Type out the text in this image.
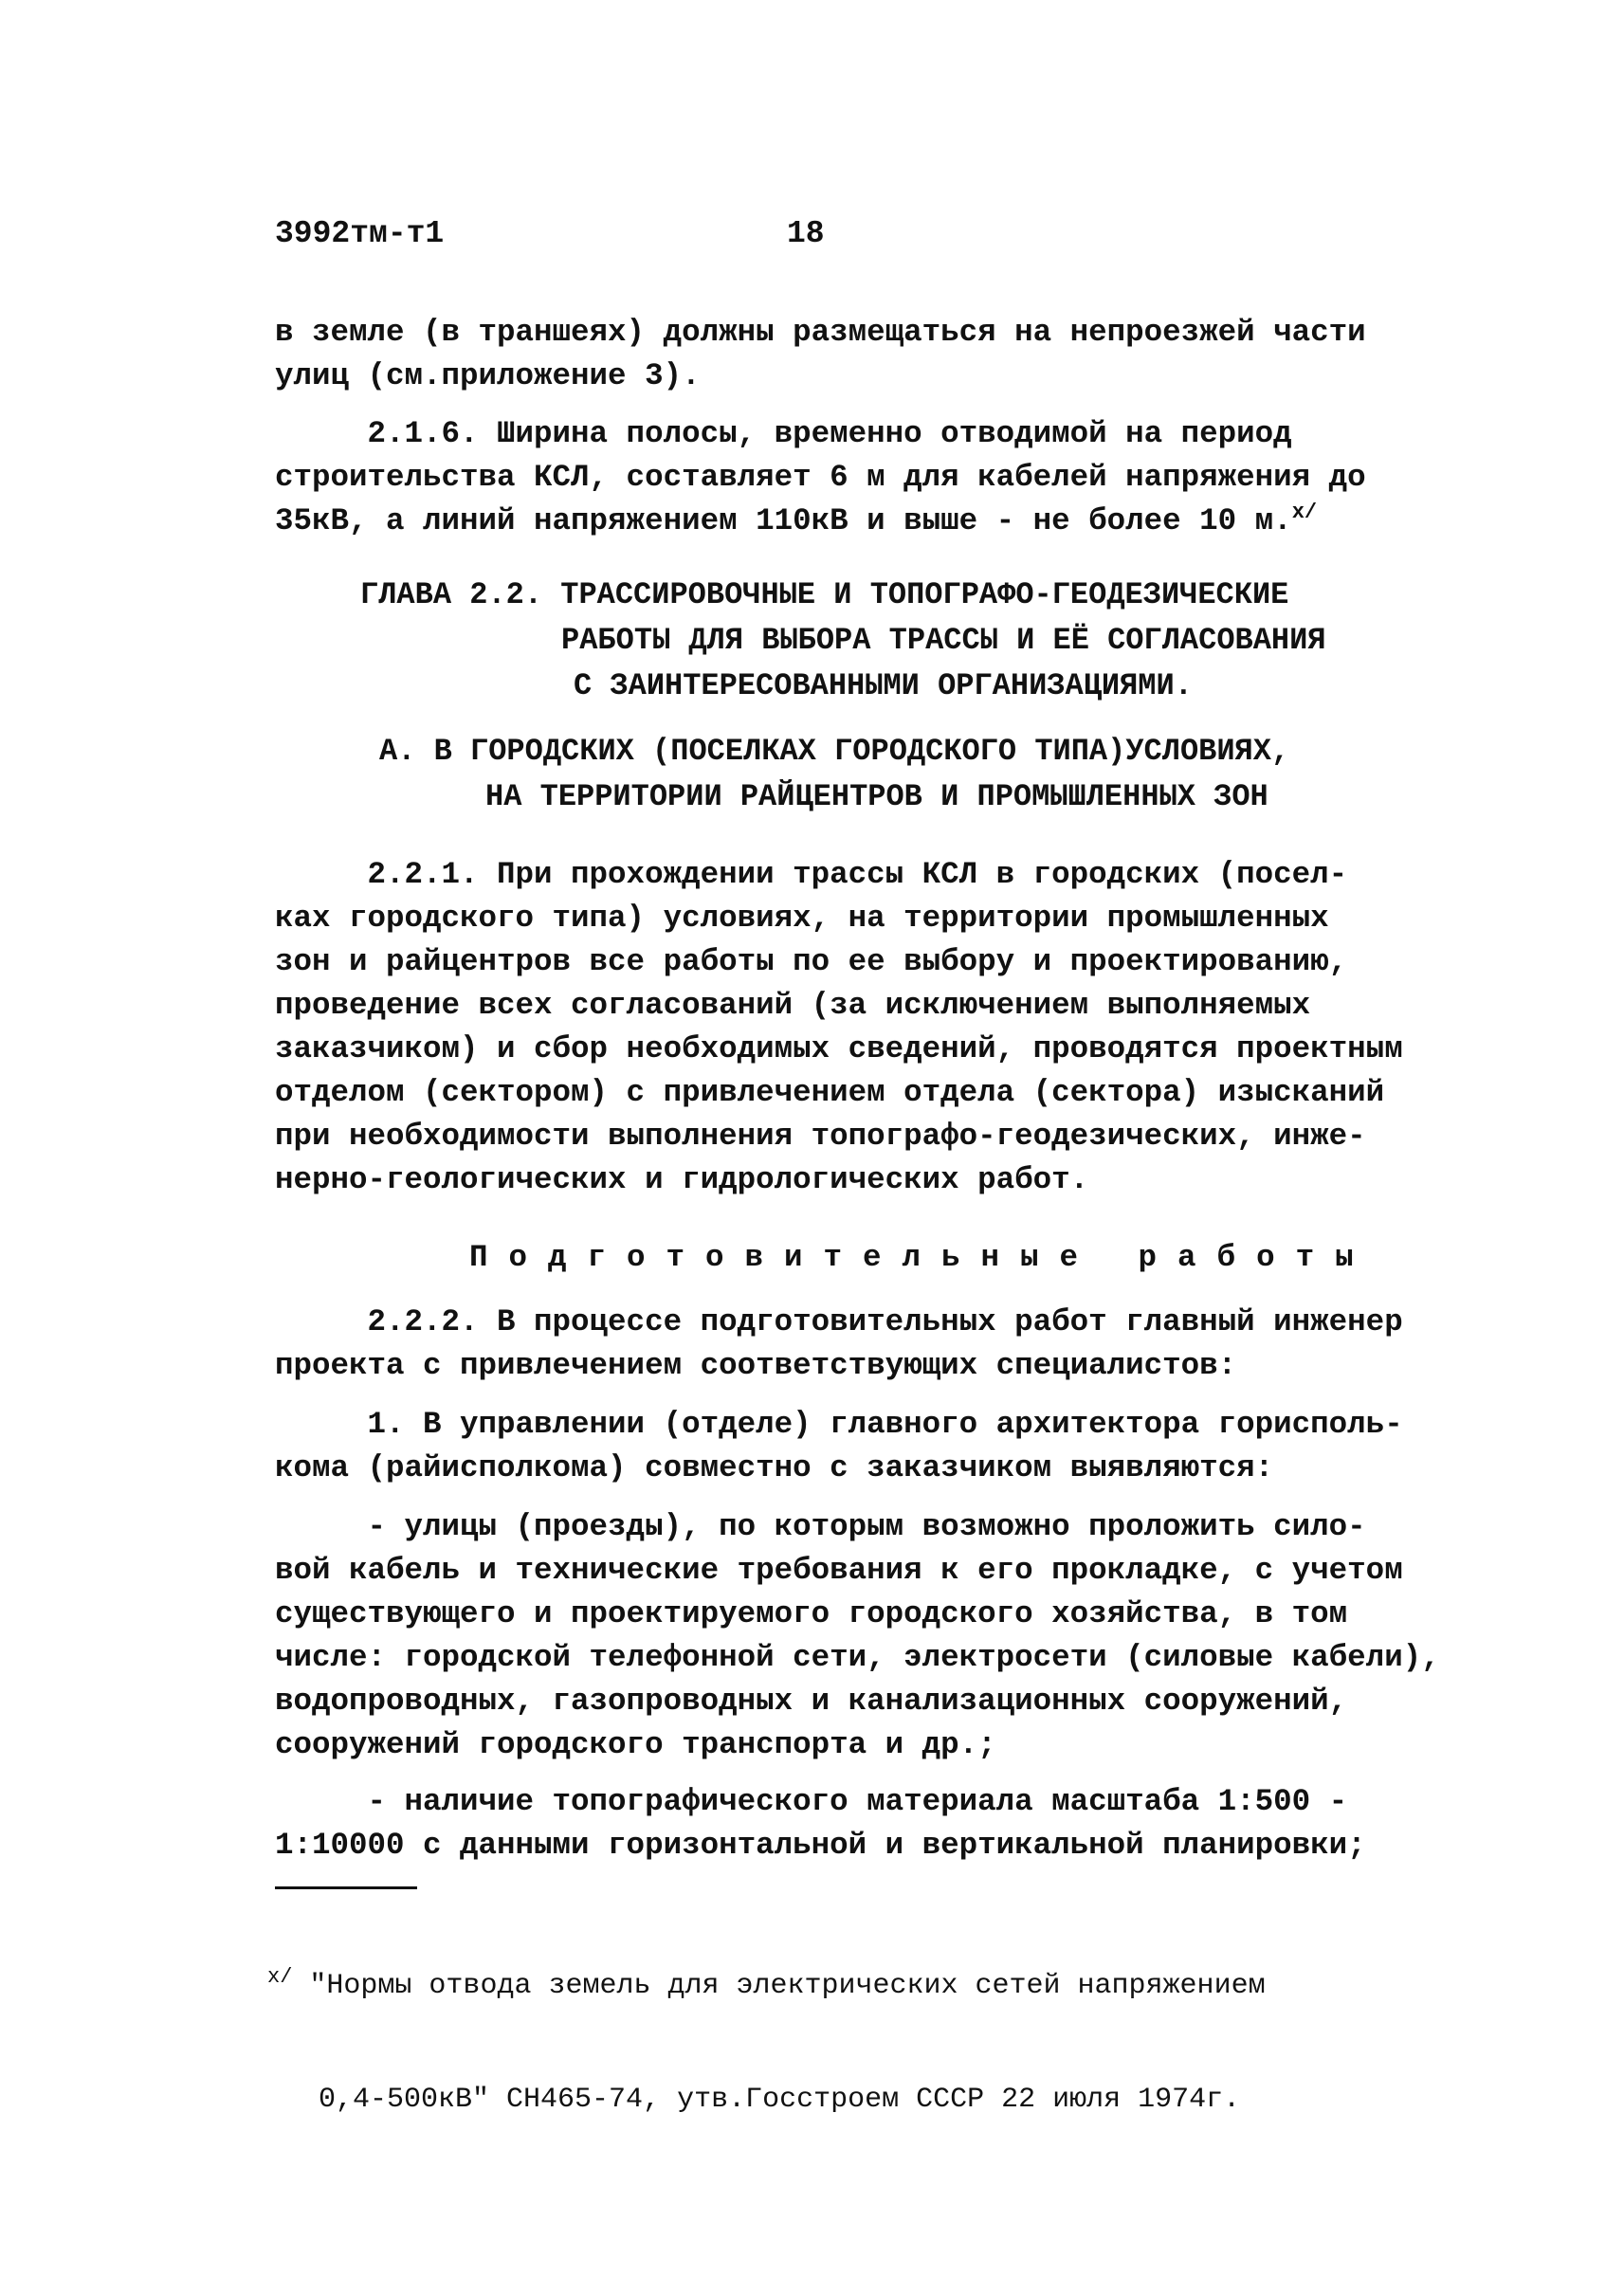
3992тм-т1	18
в земле (в траншеях) должны размещаться на непроезжей части
улиц (см.приложение 3).
2.1.6. Ширина полосы, временно отводимой на период
строительства КСЛ, составляет 6 м для кабелей напряжения до
35кВ, а линий напряжением 110кВ и выше - не более 10 м.$^{x/}$
ГЛАВА 2.2. ТРАССИРОВОЧНЫЕ И ТОПОГРАФО-ГЕОДЕЗИЧЕСКИЕ
РАБОТЫ ДЛЯ ВЫБОРА ТРАССЫ И ЕЁ СОГЛАСОВАНИЯ
С ЗАИНТЕРЕСОВАННЫМИ ОРГАНИЗАЦИЯМИ.
А. В ГОРОДСКИХ (ПОСЕЛКАХ ГОРОДСКОГО ТИПА)УСЛОВИЯХ,
НА ТЕРРИТОРИИ РАЙЦЕНТРОВ И ПРОМЫШЛЕННЫХ ЗОН
2.2.1. При прохождении трассы КСЛ в городских (посел-
ках городского типа) условиях, на территории промышленных
зон и райцентров все работы по ее выбору и проектированию,
проведение всех согласований (за исключением выполняемых
заказчиком) и сбор необходимых сведений, проводятся проектным
отделом (сектором) с привлечением отдела (сектора) изысканий
при необходимости выполнения топографо-геодезических, инже-
нерно-геологических и гидрологических работ.
Подготовительные работы
2.2.2. В процессе подготовительных работ главный инженер
проекта с привлечением соответствующих специалистов:
1. В управлении (отделе) главного архитектора горисполь-
кома (райисполкома) совместно с заказчиком выявляются:
- улицы (проезды), по которым возможно проложить сило-
вой кабель и технические требования к его прокладке, с учетом
существующего и проектируемого городского хозяйства, в том
числе: городской телефонной сети, электросети (силовые кабели),
водопроводных, газопроводных и канализационных сооружений,
сооружений городского транспорта и др.;
- наличие топографического материала масштаба 1:500 -
1:10000 с данными горизонтальной и вертикальной планировки;

$^{x/}$ "Нормы отвода земель для электрических сетей напряжением

0,4-500кВ" СН465-74, утв.Госстроем СССР 22 июля 1974г.
